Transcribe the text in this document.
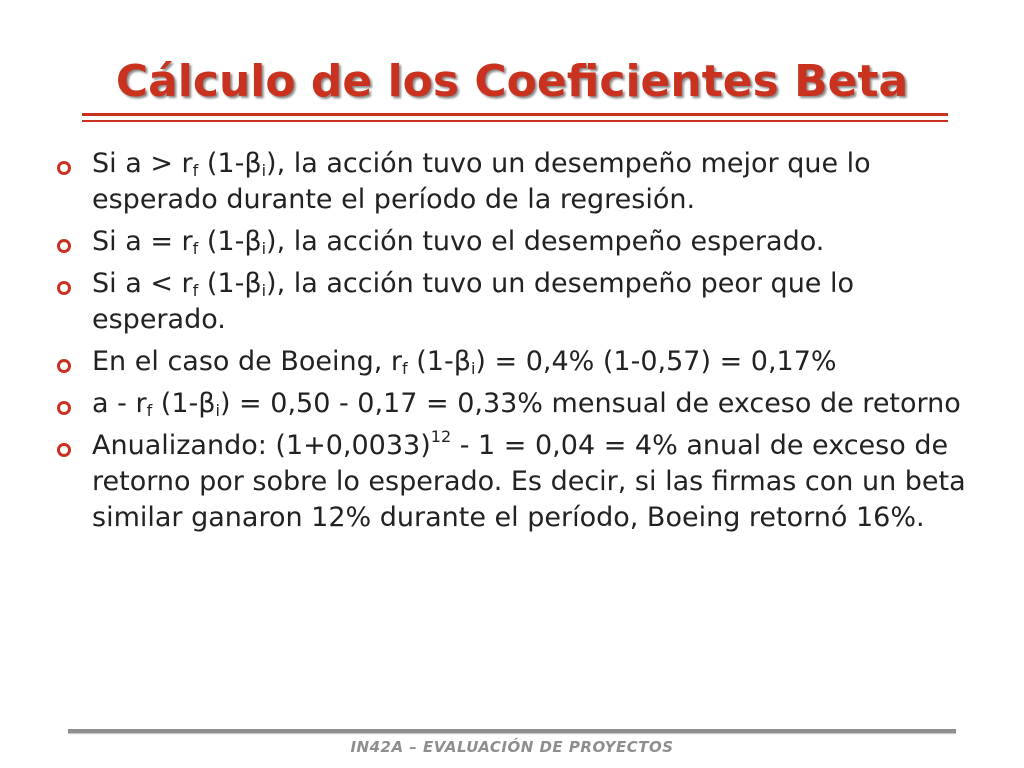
Cálculo de los Coeficientes Beta
Si $a > r_f$ $(1-\beta_i)$, la acción tuvo un desempeño mejor que lo esperado durante el período de la regresión.
Si $a = r_f$ $(1-\beta_i)$, la acción tuvo el desempeño esperado.
Si $a < r_f$ $(1-\beta_i)$, la acción tuvo un desempeño peor que lo esperado.
En el caso de Boeing, $r_f$ $(1-\beta_i) = 0,4\%$ (1-0,57) = 0,17%
a - $r_f$ $(1-\beta_i) = 0,50 - 0,17 = 0,33\%$ mensual de exceso de retorno
Anualizando: $(1+0,0033)^{12} - 1 = 0,04 = 4\%$ anual de exceso de retorno por sobre lo esperado. Es decir, si las firmas con un beta similar ganaron 12% durante el período, Boeing retornó 16%.
IN42A – EVALUACIÓN DE PROYECTOS
